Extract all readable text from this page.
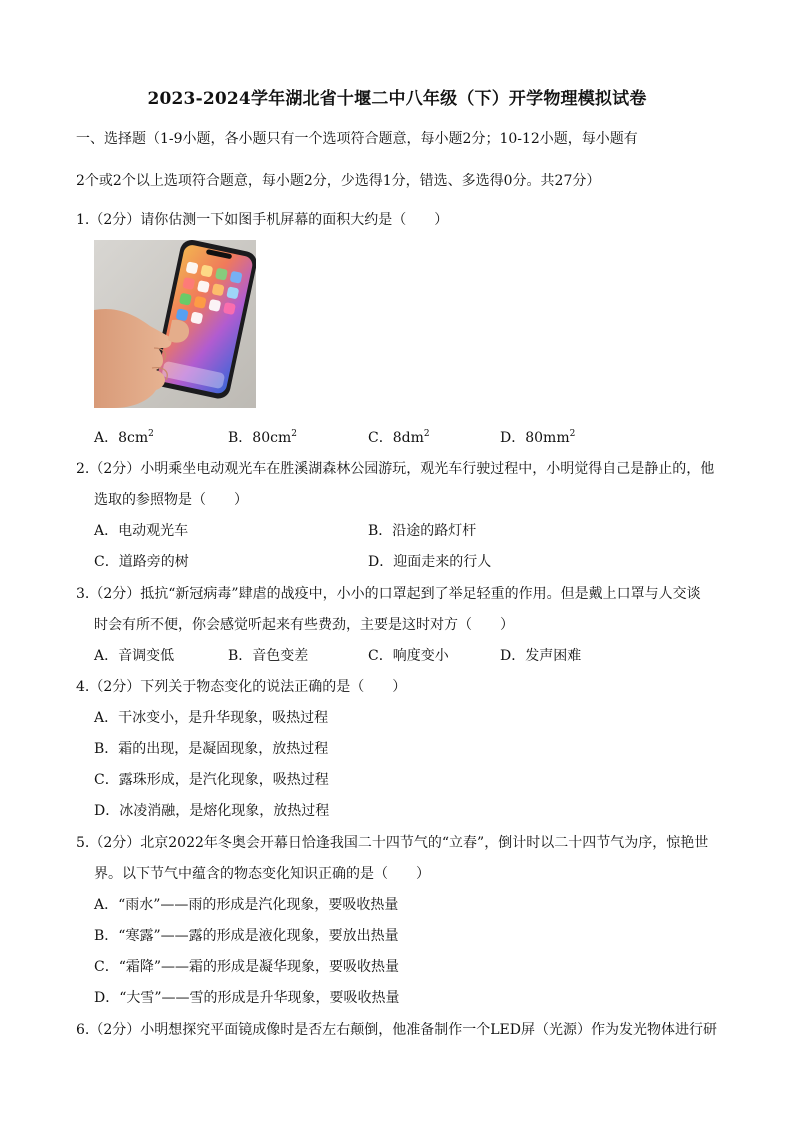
2023-2024学年湖北省十堰二中八年级（下）开学物理模拟试卷
一、选择题（1-9小题，各小题只有一个选项符合题意，每小题2分；10-12小题，每小题有
2个或2个以上选项符合题意，每小题2分，少选得1分，错选、多选得0分。共27分）
1.（2分）请你估测一下如图手机屏幕的面积大约是（　　）
A．$8cm^2$	B．$80cm^2$	C．$8dm^2$	D．$80mm^2$
2.（2分）小明乘坐电动观光车在胜溪湖森林公园游玩，观光车行驶过程中，小明觉得自己是静止的，他
选取的参照物是（　　）
A．电动观光车	B．沿途的路灯杆
C．道路旁的树	D．迎面走来的行人
3.（2分）抵抗“新冠病毒”肆虐的战疫中，小小的口罩起到了举足轻重的作用。但是戴上口罩与人交谈
时会有所不便，你会感觉听起来有些费劲，主要是这时对方（　　）
A．音调变低	B．音色变差	C．响度变小	D．发声困难
4.（2分）下列关于物态变化的说法正确的是（　　）
A．干冰变小，是升华现象，吸热过程
B．霜的出现，是凝固现象，放热过程
C．露珠形成，是汽化现象，吸热过程
D．冰凌消融，是熔化现象，放热过程
5.（2分）北京2022年冬奥会开幕日恰逢我国二十四节气的“立春”，倒计时以二十四节气为序，惊艳世
界。以下节气中蕴含的物态变化知识正确的是（　　）
A．“雨水”——雨的形成是汽化现象，要吸收热量
B．“寒露”——露的形成是液化现象，要放出热量
C．“霜降”——霜的形成是凝华现象，要吸收热量
D．“大雪”——雪的形成是升华现象，要吸收热量
6.（2分）小明想探究平面镜成像时是否左右颠倒，他准备制作一个LED屏（光源）作为发光物体进行研
